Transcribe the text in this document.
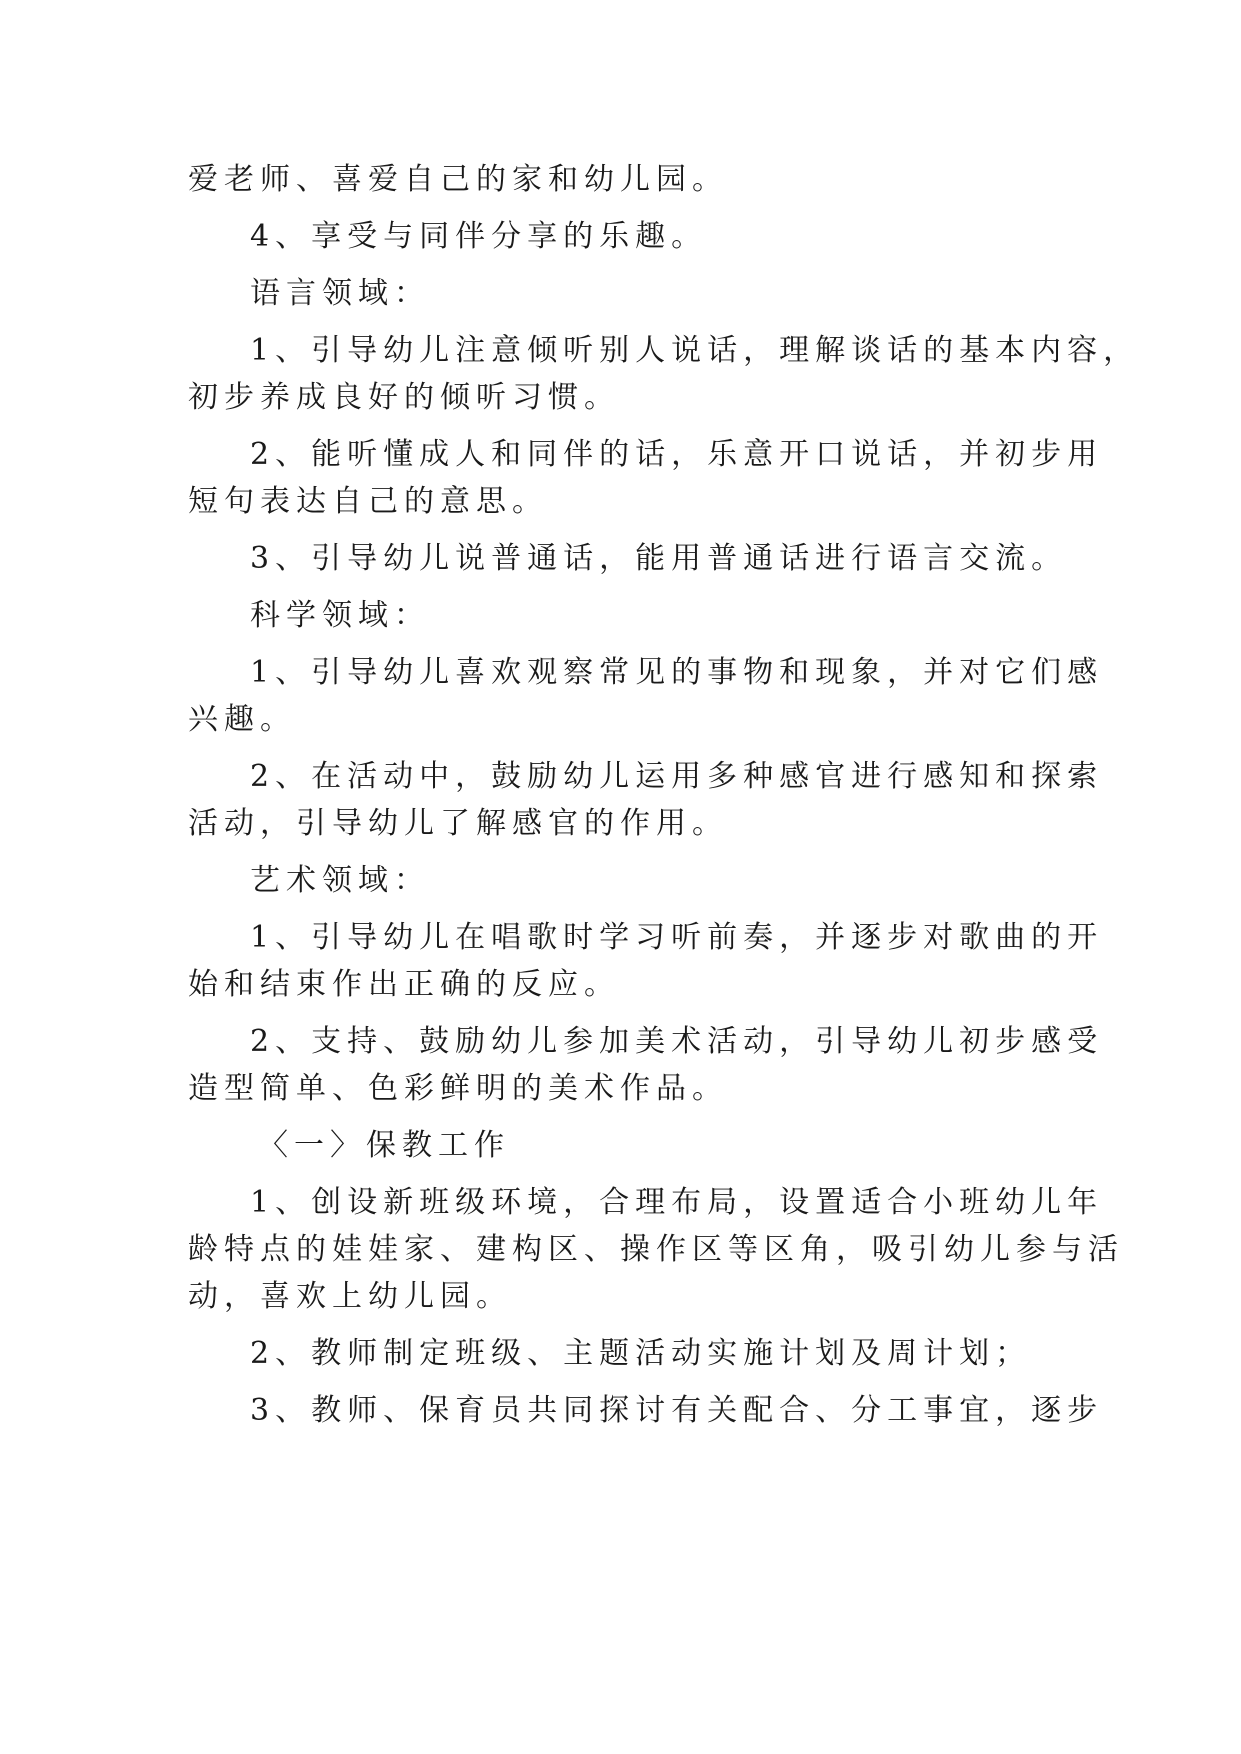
爱老师、喜爱自己的家和幼儿园。
4、享受与同伴分享的乐趣。
语言领域：
1、引导幼儿注意倾听别人说话，理解谈话的基本内容，
初步养成良好的倾听习惯。
2、能听懂成人和同伴的话，乐意开口说话，并初步用
短句表达自己的意思。
3、引导幼儿说普通话，能用普通话进行语言交流。
科学领域：
1、引导幼儿喜欢观察常见的事物和现象，并对它们感
兴趣。
2、在活动中，鼓励幼儿运用多种感官进行感知和探索
活动，引导幼儿了解感官的作用。
艺术领域：
1、引导幼儿在唱歌时学习听前奏，并逐步对歌曲的开
始和结束作出正确的反应。
2、支持、鼓励幼儿参加美术活动，引导幼儿初步感受
造型简单、色彩鲜明的美术作品。
〈一〉保教工作
1、创设新班级环境，合理布局，设置适合小班幼儿年
龄特点的娃娃家、建构区、操作区等区角，吸引幼儿参与活
动，喜欢上幼儿园。
2、教师制定班级、主题活动实施计划及周计划；
3、教师、保育员共同探讨有关配合、分工事宜，逐步
